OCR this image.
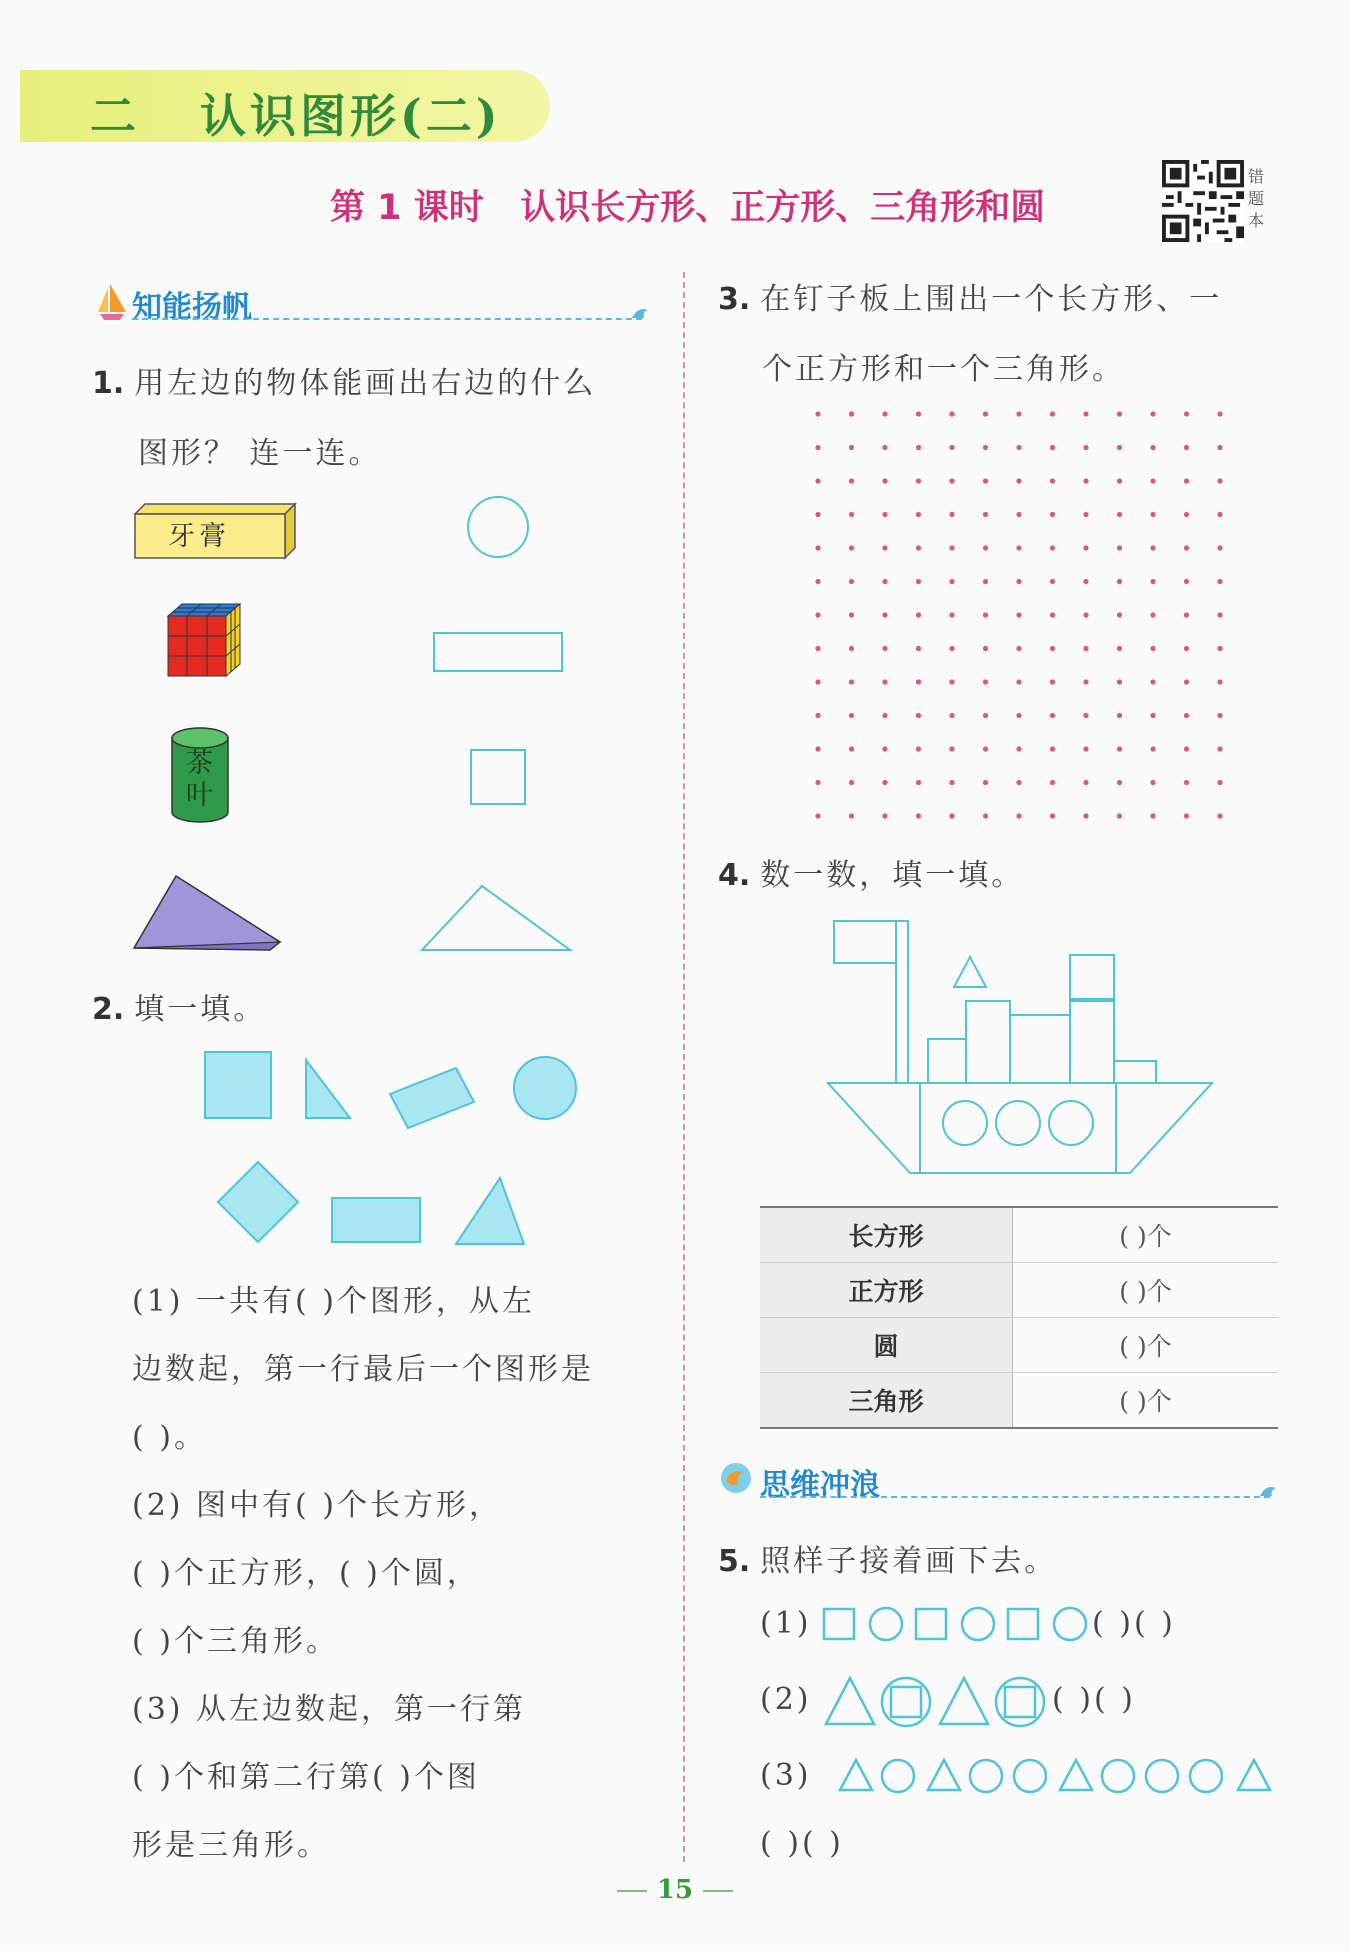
二 认识图形(二)
第 1 课时 认识长方形、正方形、三角形和圆
错题本
知能扬帆
1. 用左边的物体能画出右边的什么
图形？ 连一连。
牙膏
茶叶
2. 填一填。
(1) 一共有( )个图形，从左
边数起，第一行最后一个图形是
( )。
(2) 图中有( )个长方形，
( )个正方形，( )个圆，
( )个三角形。
(3) 从左边数起，第一行第
( )个和第二行第( )个图
形是三角形。
3. 在钉子板上围出一个长方形、一
个正方形和一个三角形。
4. 数一数，填一填。
长方形	( )个
正方形	( )个
圆	( )个
三角形	( )个
思维冲浪
5. 照样子接着画下去。
(1)	( )( )
(2)	( )( )
(3)
( )( )
15
